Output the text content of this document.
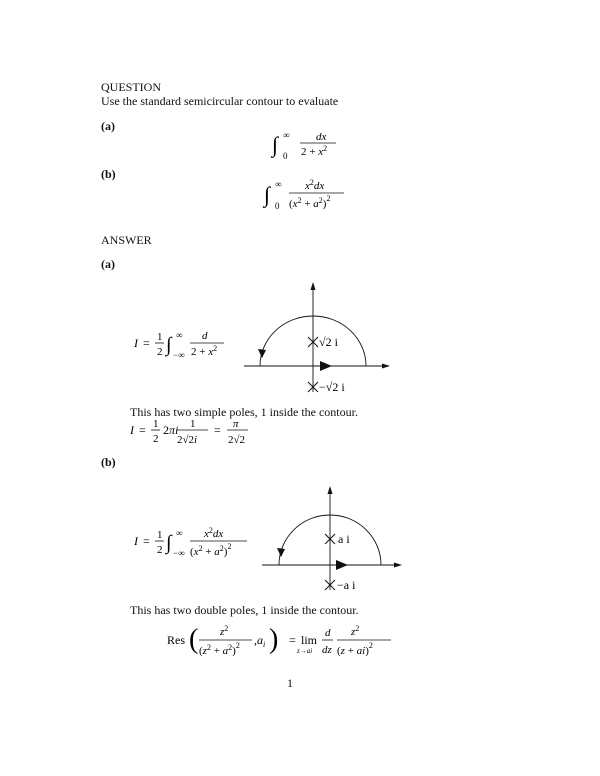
QUESTION
Use the standard semicircular contour to evaluate
(a)
∫ ∞
0
dx
$2 + x^2$
(b)
∫ ∞
0
$x^2dx$
$(x^2 + a^2)^2$
ANSWER
(a)
I = 1
2 ∫ ∞
−∞
d
$2 + x^2$	√2 i
−√2 i
This has two simple poles, 1 inside the contour.
I = 1
2
2πi 1
2√2i
= π
2√2
(b)
I = 1
2 ∫ ∞
−∞
$x^2dx$
$(x^2 + a^2)^2$
a i
−a i
This has two double poles, 1 inside the contour.
Res ( $z^2$
$(z^2 + a^2)^2$ $,a_i$ ) = lim
z→ai
d
dz
$z^2$
(z + ai)$^2$
1
